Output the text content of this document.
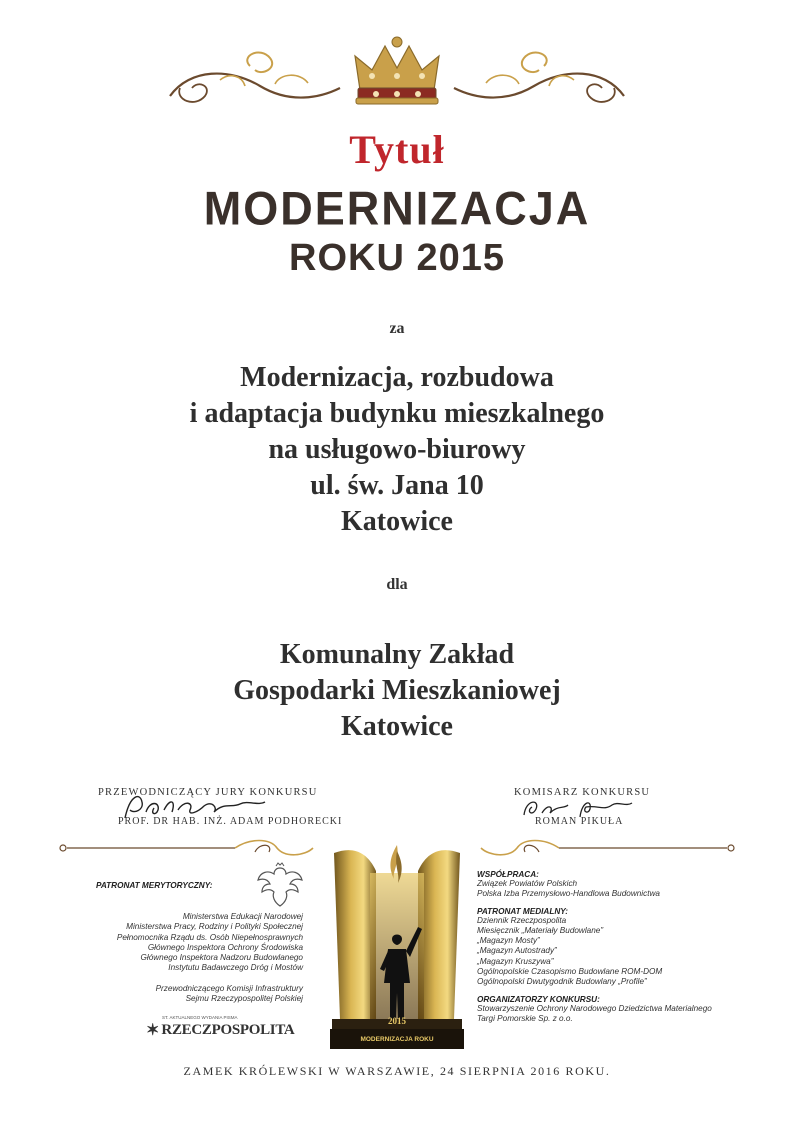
Tytuł
MODERNIZACJA
ROKU 2015
za
Modernizacja, rozbudowa
i adaptacja budynku mieszkalnego
na usługowo-biurowy
ul. św. Jana 10
Katowice
dla
Komunalny Zakład
Gospodarki Mieszkaniowej
Katowice
PRZEWODNICZĄCY JURY KONKURSU
PROF. DR HAB. INŻ. ADAM PODHORECKI
KOMISARZ KONKURSU
ROMAN PIKUŁA
PATRONAT MERYTORYCZNY:
Ministerstwa Edukacji Narodowej
Ministerstwa Pracy, Rodziny i Polityki Społecznej
Pełnomocnika Rządu ds. Osób Niepełnosprawnych
Głównego Inspektora Ochrony Środowiska
Głównego Inspektora Nadzoru Budowlanego
Instytutu Badawczego Dróg i Mostów
Przewodniczącego Komisji Infrastruktury
Sejmu Rzeczypospolitej Polskiej
ST. AKTUALNEGO WYDANIA PISMA
✶ RZECZPOSPOLITA
2015
MODERNIZACJA ROKU
WSPÓŁPRACA:
Związek Powiatów Polskich
Polska Izba Przemysłowo-Handlowa Budownictwa
PATRONAT MEDIALNY:
Dziennik Rzeczpospolita
Miesięcznik „Materiały Budowlane”
„Magazyn Mosty”
„Magazyn Autostrady”
„Magazyn Kruszywa”
Ogólnopolskie Czasopismo Budowlane ROM-DOM
Ogólnopolski Dwutygodnik Budowlany „Profile”
ORGANIZATORZY KONKURSU:
Stowarzyszenie Ochrony Narodowego Dziedzictwa Materialnego
Targi Pomorskie Sp. z o.o.
ZAMEK KRÓLEWSKI W WARSZAWIE, 24 SIERPNIA 2016 ROKU.
